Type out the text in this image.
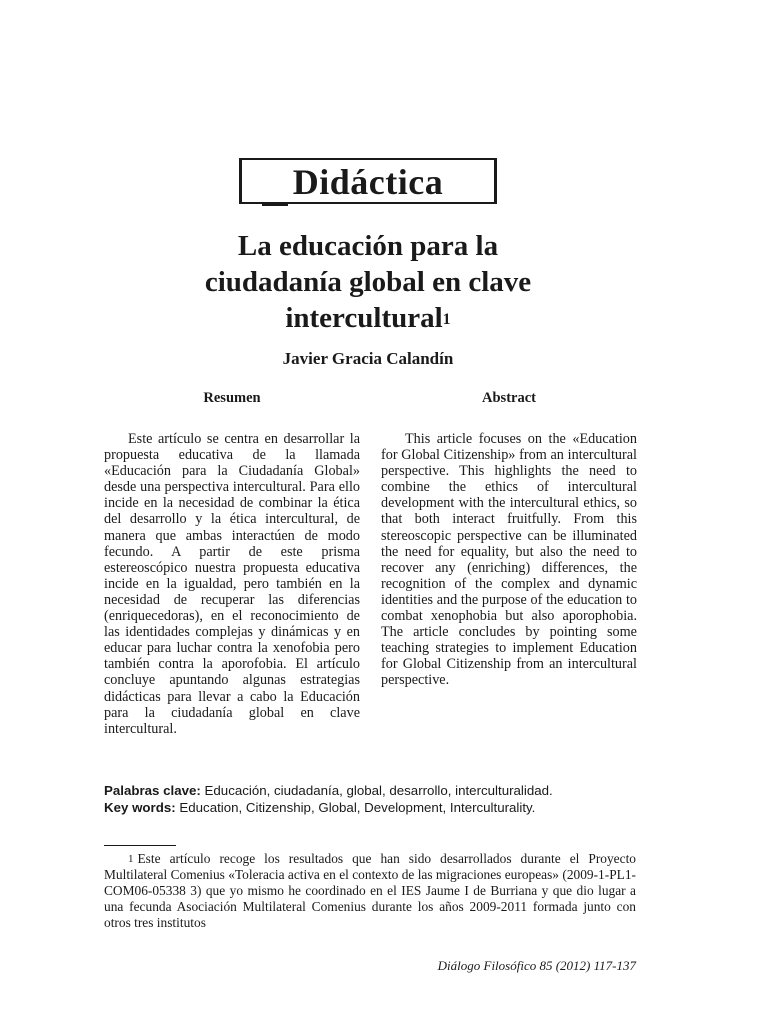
Didáctica
La educación para la
ciudadanía global en clave
intercultural$^1$
Javier Gracia Calandín
Resumen

Este artículo se centra en desarrollar la propuesta educativa de la llamada «Educación para la Ciudadanía Global» desde una perspectiva intercultural. Para ello incide en la necesidad de combinar la ética del desarrollo y la ética intercultural, de manera que ambas interactúen de modo fecundo. A partir de este prisma estereoscópico nuestra propuesta educativa incide en la igualdad, pero también en la necesidad de recuperar las diferencias (enriquecedoras), en el reconocimiento de las identidades complejas y dinámicas y en educar para luchar contra la xenofobia pero también contra la aporofobia. El artículo concluye apuntando algunas estrategias didácticas para llevar a cabo la Educación para la ciudadanía global en clave intercultural.

Abstract

This article focuses on the «Education for Global Citizenship» from an intercultural perspective. This highlights the need to combine the ethics of intercultural development with the intercultural ethics, so that both interact fruitfully. From this stereoscopic perspective can be illuminated the need for equality, but also the need to recover any (enriching) differences, the recognition of the complex and dynamic identities and the purpose of the education to combat xenophobia but also aporophobia. The article concludes by pointing some teaching strategies to implement Education for Global Citizenship from an intercultural perspective.

Palabras clave: Educación, ciudadanía, global, desarrollo, interculturalidad.
Key words: Education, Citizenship, Global, Development, Interculturality.

$^1$ Este artículo recoge los resultados que han sido desarrollados durante el Proyecto Multilateral Comenius «Toleracia activa en el contexto de las migraciones europeas» (2009-1-PL1-COM06-05338 3) que yo mismo he coordinado en el IES Jaume I de Burriana y que dio lugar a una fecunda Asociación Multilateral Comenius durante los años 2009-2011 formada junto con otros tres institutos

Diálogo Filosófico 85 (2012) 117-137
